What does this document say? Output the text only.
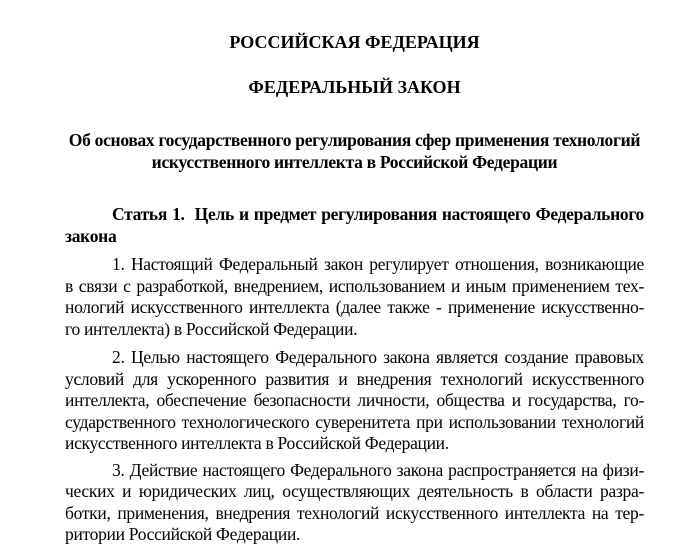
РОССИЙСКАЯ ФЕДЕРАЦИЯ
ФЕДЕРАЛЬНЫЙ ЗАКОН
Об основах государственного регулирования сфер применения технологий
искусственного интеллекта в Российской Федерации
Статья 1.  Цель и предмет регулирования настоящего Федерального
закона
1. Настоящий Федеральный закон регулирует отношения, возникающие
в связи с разработкой, внедрением, использованием и иным применением тех-
нологий искусственного интеллекта (далее также - применение искусственно-
го интеллекта) в Российской Федерации.
2. Целью настоящего Федерального закона является создание правовых
условий для ускоренного развития и внедрения технологий искусственного
интеллекта, обеспечение безопасности личности, общества и государства, го-
сударственного технологического суверенитета при использовании технологий
искусственного интеллекта в Российской Федерации.
3. Действие настоящего Федерального закона распространяется на физи-
ческих и юридических лиц, осуществляющих деятельность в области разра-
ботки, применения, внедрения технологий искусственного интеллекта на тер-
ритории Российской Федерации.
